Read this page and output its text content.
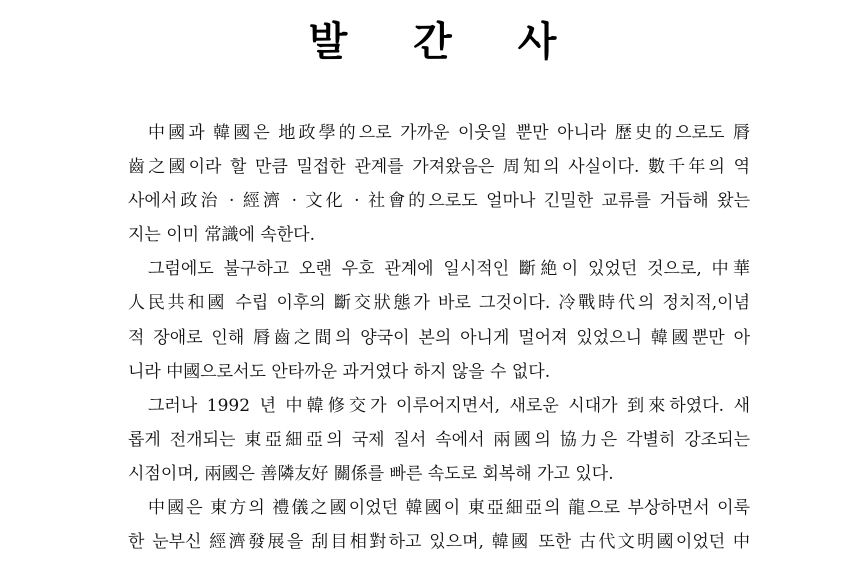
발 간 사
中國과 韓國은 地政學的으로 가까운 이웃일 뿐만 아니라 歷史的으로도 脣
齒之國이라 할 만큼 밀접한 관계를 가져왔음은 周知의 사실이다. 數千年의 역
사에서政治 · 經濟 · 文化 · 社會的으로도 얼마나 긴밀한 교류를 거듭해 왔는
지는 이미 常識에 속한다.
그럼에도 불구하고 오랜 우호 관계에 일시적인 斷絶이 있었던 것으로, 中華
人民共和國 수립 이후의 斷交狀態가 바로 그것이다. 冷戰時代의 정치적,이념
적 장애로 인해 脣齒之間의 양국이 본의 아니게 멀어져 있었으니 韓國뿐만 아
니라 中國으로서도 안타까운 과거였다 하지 않을 수 없다.
그러나 1992 년 中韓修交가 이루어지면서, 새로운 시대가 到來하였다. 새
롭게 전개되는 東亞細亞의 국제 질서 속에서 兩國의 協力은 각별히 강조되는
시점이며, 兩國은 善隣友好 關係를 빠른 속도로 회복해 가고 있다.
中國은 東方의 禮儀之國이었던 韓國이 東亞細亞의 龍으로 부상하면서 이룩
한 눈부신 經濟發展을 刮目相對하고 있으며, 韓國 또한 古代文明國이었던 中
